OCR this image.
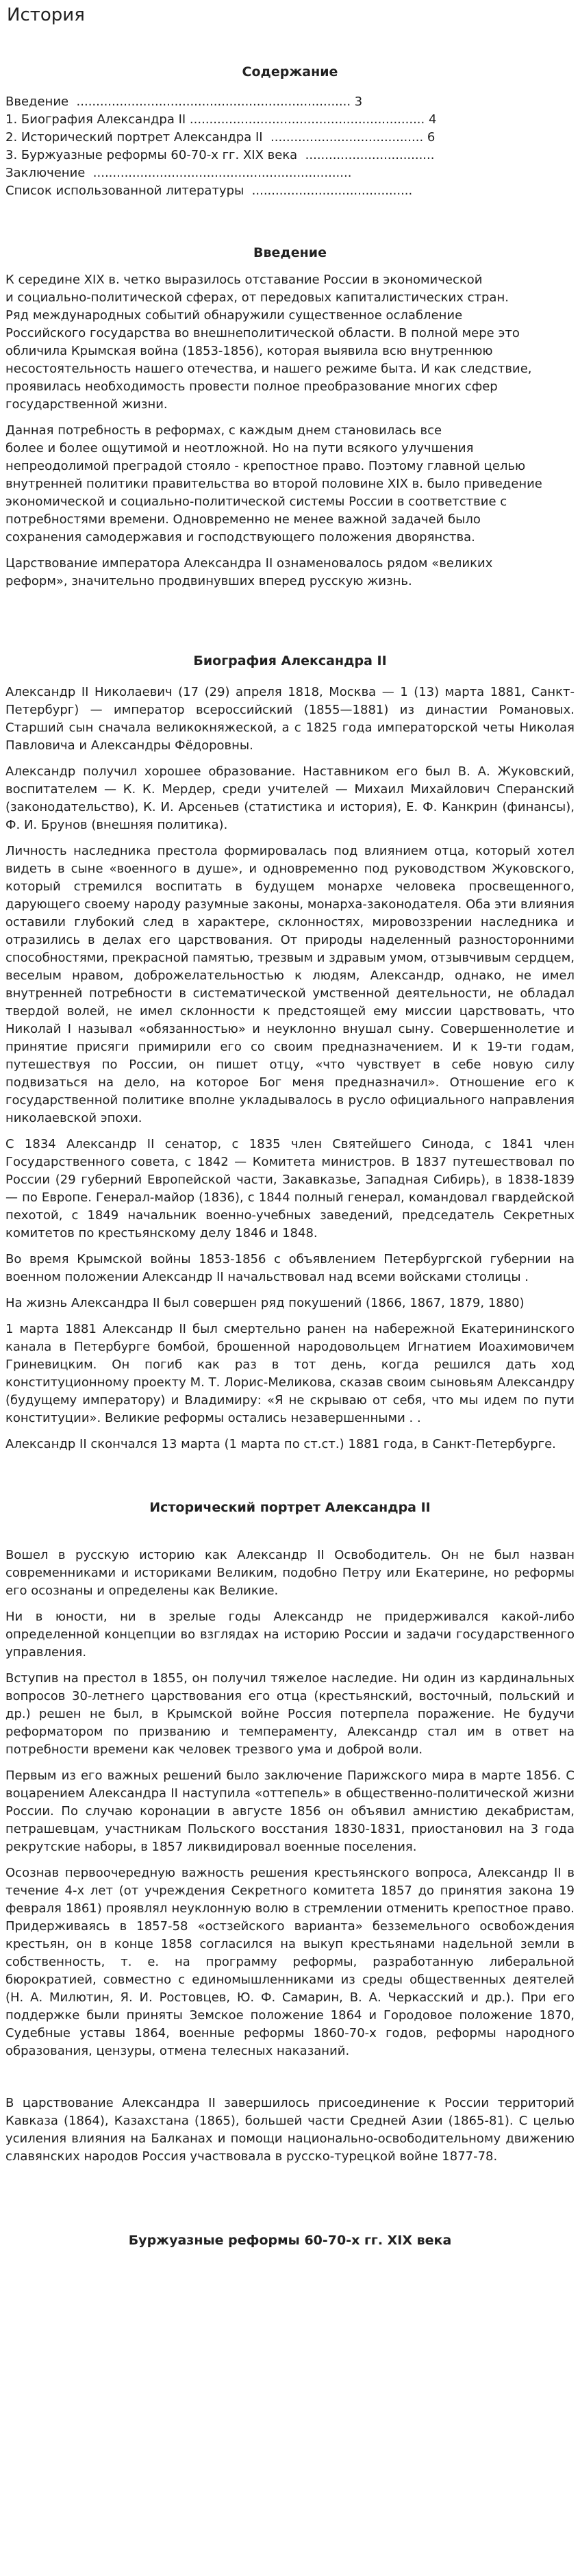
История
Содержание
Введение  ...................................................................... 3
1. Биография Александра II ............................................................ 4
2. Исторический портрет Александра II  ....................................... 6
3. Буржуазные реформы 60-70-х гг. XIX века  .................................
Заключение  ..................................................................
Список использованной литературы  .........................................
Введение

К середине XIX в. четко выразилось отставание России в экономической
и социально-политической сферах, от передовых капиталистических стран.
Ряд международных событий обнаружили существенное ослабление
Российского государства во внешнеполитической области. В полной мере это
обличила Крымская война (1853-1856), которая выявила всю внутреннюю
несостоятельность нашего отечества, и нашего режиме быта. И как следствие,
проявилась необходимость провести полное преобразование многих сфер
государственной жизни.

Данная потребность в реформах, с каждым днем становилась все
более и более ощутимой и неотложной. Но на пути всякого улучшения
непреодолимой преградой стояло - крепостное право. Поэтому главной целью
внутренней политики правительства во второй половине XIX в. было приведение
экономической и социально-политической системы России в соответствие с
потребностями времени. Одновременно не менее важной задачей было
сохранения самодержавия и господствующего положения дворянства.

Царствование императора Александра II ознаменовалось рядом «великих
реформ», значительно продвинувших вперед русскую жизнь.

Биография Александра II

Александр II Николаевич (17 (29) апреля 1818, Москва — 1 (13) марта 1881, Санкт-Петербург) — император всероссийский (1855—1881) из династии Романовых. Старший сын сначала великокняжеской, а с 1825 года императорской четы Николая Павловича и Александры Фёдоровны.

Александр получил хорошее образование. Наставником его был В. А. Жуковский, воспитателем — К. К. Мердер, среди учителей — Михаил Михайлович Сперанский (законодательство), К. И. Арсеньев (статистика и история), Е. Ф. Канкрин (финансы), Ф. И. Брунов (внешняя политика).

Личность наследника престола формировалась под влиянием отца, который хотел видеть в сыне «военного в душе», и одновременно под руководством Жуковского, который стремился воспитать в будущем монархе человека просвещенного, дарующего своему народу разумные законы, монарха-законодателя. Оба эти влияния оставили глубокий след в характере, склонностях, мировоззрении наследника и отразились в делах его царствования. От природы наделенный разносторонними способностями, прекрасной памятью, трезвым и здравым умом, отзывчивым сердцем, веселым нравом, доброжелательностью к людям, Александр, однако, не имел внутренней потребности в систематической умственной деятельности, не обладал твердой волей, не имел склонности к предстоящей ему миссии царствовать, что Николай I называл «обязанностью» и неуклонно внушал сыну. Совершеннолетие и принятие присяги примирили его со своим предназначением. И к 19-ти годам, путешествуя по России, он пишет отцу, «что чувствует в себе новую силу подвизаться на дело, на которое Бог меня предназначил». Отношение его к государственной политике вполне укладывалось в русло официального направления николаевской эпохи.

С 1834 Александр II сенатор, с 1835 член Святейшего Синода, с 1841 член Государственного совета, с 1842 — Комитета министров. В 1837 путешествовал по России (29 губерний Европейской части, Закавказье, Западная Сибирь), в 1838-1839 — по Европе. Генерал-майор (1836), с 1844 полный генерал, командовал гвардейской пехотой, с 1849 начальник военно-учебных заведений, председатель Секретных комитетов по крестьянскому делу 1846 и 1848.

Во время Крымской войны 1853-1856 с объявлением Петербургской губернии на военном положении Александр II начальствовал над всеми войсками столицы .

На жизнь Александра II был совершен ряд покушений (1866, 1867, 1879, 1880)

1 марта 1881 Александр II был смертельно ранен на набережной Екатерининского канала в Петербурге бомбой, брошенной народовольцем Игнатием Иоахимовичем Гриневицким. Он погиб как раз в тот день, когда решился дать ход конституционному проекту М. Т. Лорис-Меликова, сказав своим сыновьям Александру (будущему императору) и Владимиру: «Я не скрываю от себя, что мы идем по пути конституции». Великие реформы остались незавершенными . .

Александр II скончался 13 марта (1 марта по ст.ст.) 1881 года, в Санкт-Петербурге.

Исторический портрет Александра II

Вошел в русскую историю как Александр II Освободитель. Он не был назван современниками и историками Великим, подобно Петру или Екатерине, но реформы его осознаны и определены как Великие.

Ни в юности, ни в зрелые годы Александр не придерживался какой-либо определенной концепции во взглядах на историю России и задачи государственного управления.

Вступив на престол в 1855, он получил тяжелое наследие. Ни один из кардинальных вопросов 30-летнего царствования его отца (крестьянский, восточный, польский и др.) решен не был, в Крымской войне Россия потерпела поражение. Не будучи реформатором по призванию и темпераменту, Александр стал им в ответ на потребности времени как человек трезвого ума и доброй воли.

Первым из его важных решений было заключение Парижского мира в марте 1856. С воцарением Александра II наступила «оттепель» в общественно-политической жизни России. По случаю коронации в августе 1856 он объявил амнистию декабристам, петрашевцам, участникам Польского восстания 1830-1831, приостановил на 3 года рекрутские наборы, в 1857 ликвидировал военные поселения.

Осознав первоочередную важность решения крестьянского вопроса, Александр II в течение 4-х лет (от учреждения Секретного комитета 1857 до принятия закона 19 февраля 1861) проявлял неуклонную волю в стремлении отменить крепостное право. Придерживаясь в 1857-58 «остзейского варианта» безземельного освобождения крестьян, он в конце 1858 согласился на выкуп крестьянами надельной земли в собственность, т. е. на программу реформы, разработанную либеральной бюрократией, совместно с единомышленниками из среды общественных деятелей (Н. А. Милютин, Я. И. Ростовцев, Ю. Ф. Самарин, В. А. Черкасский и др.). При его поддержке были приняты Земское положение 1864 и Городовое положение 1870, Судебные уставы 1864, военные реформы 1860-70-х годов, реформы народного образования, цензуры, отмена телесных наказаний.

В царствование Александра II завершилось присоединение к России территорий Кавказа (1864), Казахстана (1865), большей части Средней Азии (1865-81). С целью усиления влияния на Балканах и помощи национально-освободительному движению славянских народов Россия участвовала в русско-турецкой войне 1877-78.

Буржуазные реформы 60-70-х гг. XIX века
